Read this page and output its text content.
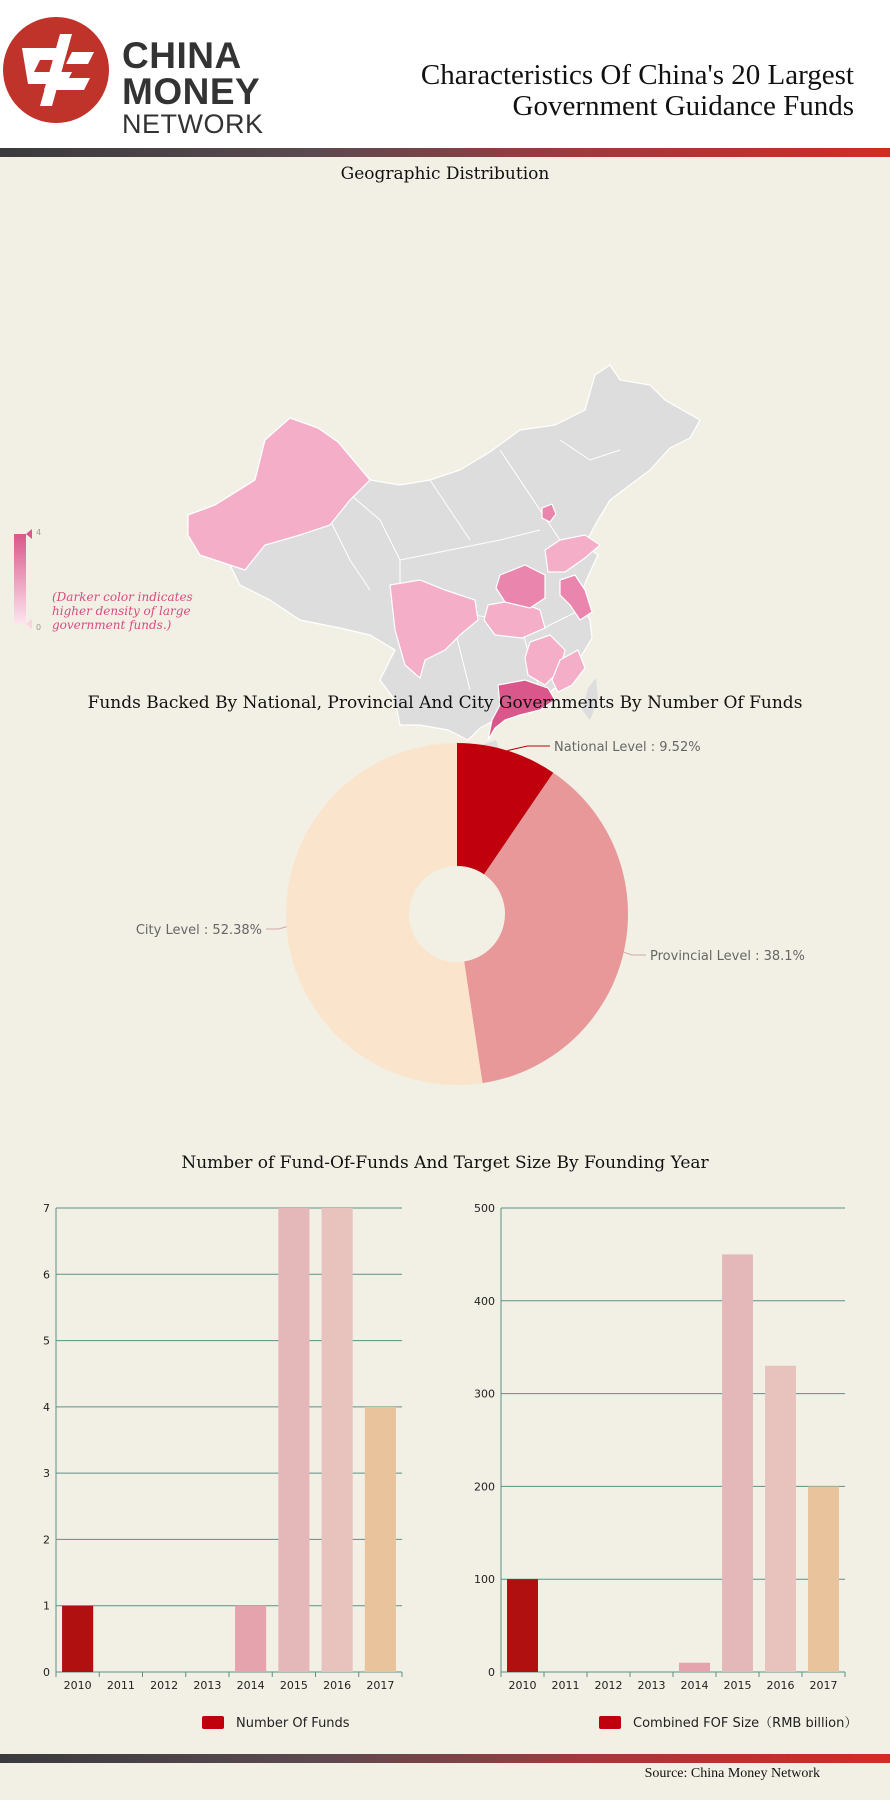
CHINA
MONEY
NETWORK
Characteristics Of China's 20 Largest
Government Guidance Funds
Geographic Distribution
4
0
(Darker color indicates higher density of large government funds.)
Funds Backed By National, Provincial And City Governments By Number Of Funds
National Level : 9.52%
Provincial Level : 38.1%
City Level : 52.38%
Number of Fund-Of-Funds And Target Size By Founding Year
0
1
2
3
4
5
6
7
2010 2011 2012 2013 2014 2015 2016 2017
Number Of Funds
0
100
200
300
400
500
2010 2011 2012 2013 2014 2015 2016 2017
Combined FOF Size（RMB billion）
Source: China Money Network
